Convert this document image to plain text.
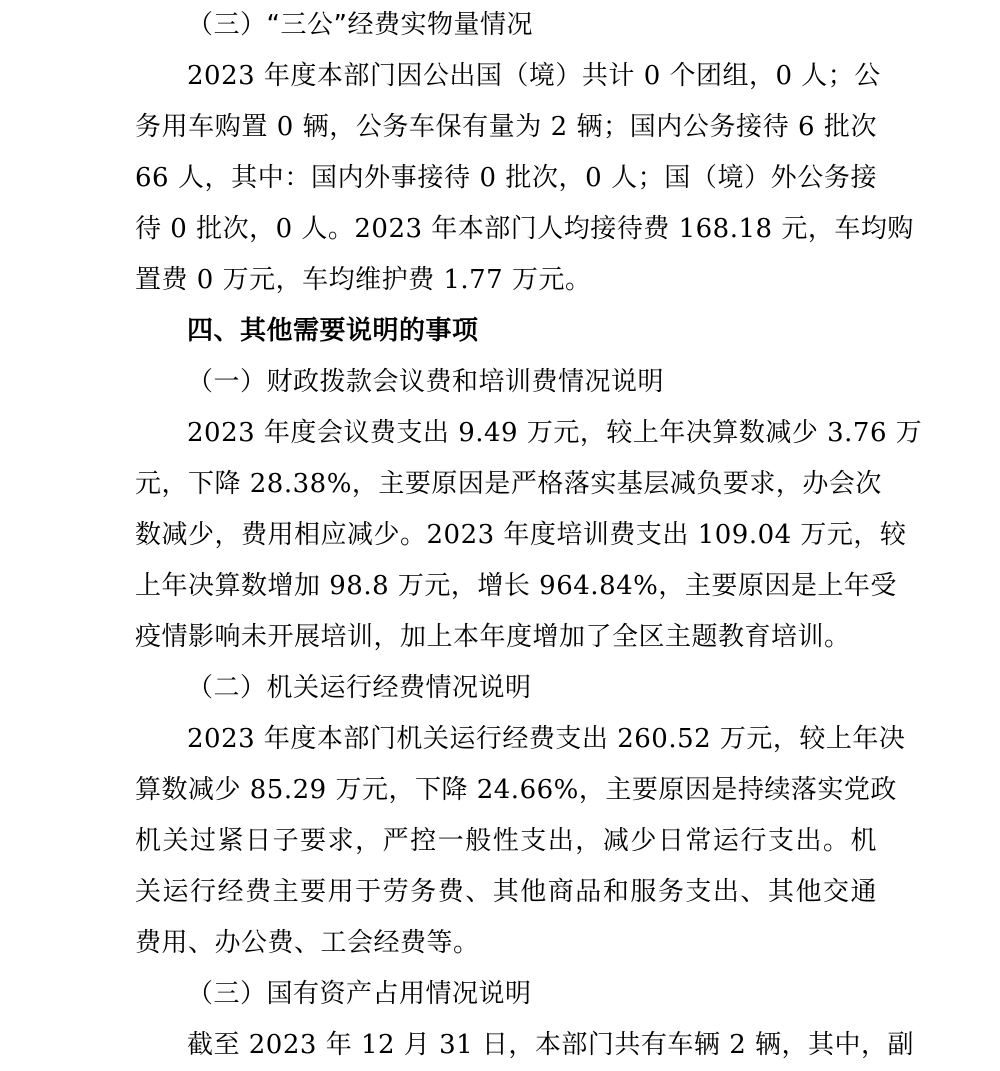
（三）“三公”经费实物量情况
2023 年度本部门因公出国（境）共计 0 个团组，0 人；公
务用车购置 0 辆，公务车保有量为 2 辆；国内公务接待 6 批次
66 人，其中：国内外事接待 0 批次，0 人；国（境）外公务接
待 0 批次，0 人。2023 年本部门人均接待费 168.18 元，车均购
置费 0 万元，车均维护费 1.77 万元。
四、其他需要说明的事项
（一）财政拨款会议费和培训费情况说明
2023 年度会议费支出 9.49 万元，较上年决算数减少 3.76 万
元，下降 28.38%，主要原因是严格落实基层减负要求，办会次
数减少，费用相应减少。2023 年度培训费支出 109.04 万元，较
上年决算数增加 98.8 万元，增长 964.84%，主要原因是上年受
疫情影响未开展培训，加上本年度增加了全区主题教育培训。
（二）机关运行经费情况说明
2023 年度本部门机关运行经费支出 260.52 万元，较上年决
算数减少 85.29 万元，下降 24.66%，主要原因是持续落实党政
机关过紧日子要求，严控一般性支出，减少日常运行支出。机
关运行经费主要用于劳务费、其他商品和服务支出、其他交通
费用、办公费、工会经费等。
（三）国有资产占用情况说明
截至 2023 年 12 月 31 日，本部门共有车辆 2 辆，其中，副
